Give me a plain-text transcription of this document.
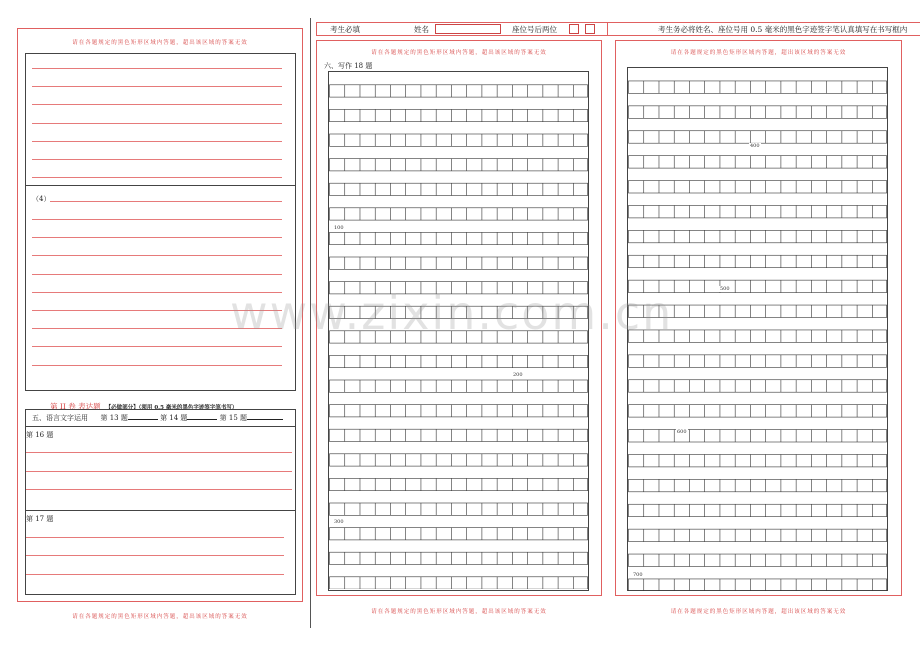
请在各题规定的黑色矩形区域内答题，超出该区域的答案无效
（4）
第 II 卷 表达题 【必做部分】（须用 0.5 毫米的黑色字迹签字笔书写）
五、语言文字运用 第 13 题	第 14 题	第 15 题
第 16 题
第 17 题
请在各题规定的黑色矩形区域内答题，超出该区域的答案无效
考生必填	姓名	座位号后两位	考生务必将姓名、座位号用 0.5 毫米的黑色字迹签字笔认真填写在书写框内
请在各题规定的黑色矩形区域内答题，超出该区域的答案无效
六、写作 18 题
100
200
300
请在各题规定的黑色矩形区域内答题，超出该区域的答案无效
请在各题规定的黑色矩形区域内答题，超出该区域的答案无效
400
500
600
700
请在各题规定的黑色矩形区域内答题，超出该区域的答案无效
www.zixin.com.cn
